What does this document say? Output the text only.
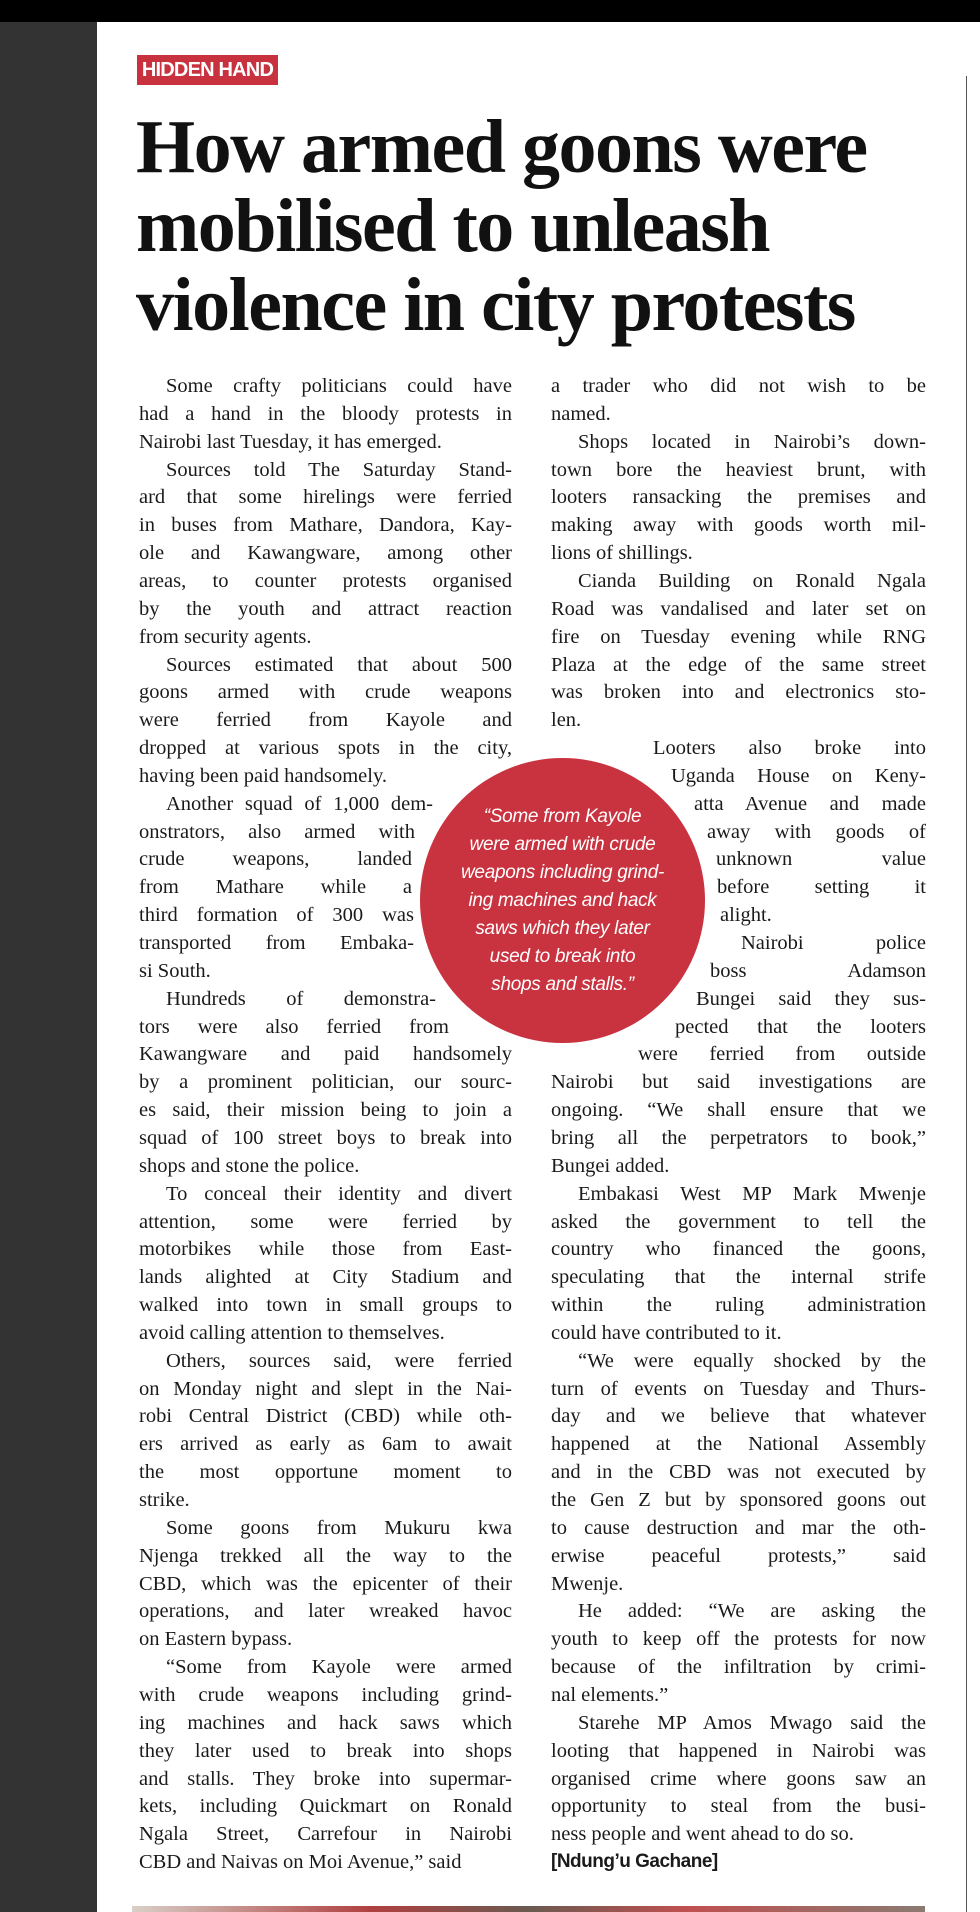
HIDDEN HAND
How armed goons were
mobilised to unleash
violence in city protests
Some crafty politicians could have
had a hand in the bloody protests in
Nairobi last Tuesday, it has emerged.
Sources told The Saturday Stand-
ard that some hirelings were ferried
in buses from Mathare, Dandora, Kay-
ole and Kawangware, among other
areas, to counter protests organised
by the youth and attract reaction
from security agents.
Sources estimated that about 500
goons armed with crude weapons
were ferried from Kayole and
dropped at various spots in the city,
having been paid handsomely.
Another squad of 1,000 dem-
onstrators, also armed with
crude weapons, landed
from Mathare while a
third formation of 300 was
transported from Embaka-
si South.
Hundreds of demonstra-
tors were also ferried from
Kawangware and paid handsomely
by a prominent politician, our sourc-
es said, their mission being to join a
squad of 100 street boys to break into
shops and stone the police.
To conceal their identity and divert
attention, some were ferried by
motorbikes while those from East-
lands alighted at City Stadium and
walked into town in small groups to
avoid calling attention to themselves.
Others, sources said, were ferried
on Monday night and slept in the Nai-
robi Central District (CBD) while oth-
ers arrived as early as 6am to await
the most opportune moment to
strike.
Some goons from Mukuru kwa
Njenga trekked all the way to the
CBD, which was the epicenter of their
operations, and later wreaked havoc
on Eastern bypass.
“Some from Kayole were armed
with crude weapons including grind-
ing machines and hack saws which
they later used to break into shops
and stalls. They broke into supermar-
kets, including Quickmart on Ronald
Ngala Street, Carrefour in Nairobi
CBD and Naivas on Moi Avenue,” said
a trader who did not wish to be
named.
Shops located in Nairobi’s down-
town bore the heaviest brunt, with
looters ransacking the premises and
making away with goods worth mil-
lions of shillings.
Cianda Building on Ronald Ngala
Road was vandalised and later set on
fire on Tuesday evening while RNG
Plaza at the edge of the same street
was broken into and electronics sto-
len.
Looters also broke into
Uganda House on Keny-
atta Avenue and made
away with goods of
unknown value
before setting it
alight.
Nairobi police
boss Adamson
Bungei said they sus-
pected that the looters
were ferried from outside
Nairobi but said investigations are
ongoing. “We shall ensure that we
bring all the perpetrators to book,”
Bungei added.
Embakasi West MP Mark Mwenje
asked the government to tell the
country who financed the goons,
speculating that the internal strife
within the ruling administration
could have contributed to it.
“We were equally shocked by the
turn of events on Tuesday and Thurs-
day and we believe that whatever
happened at the National Assembly
and in the CBD was not executed by
the Gen Z but by sponsored goons out
to cause destruction and mar the oth-
erwise peaceful protests,” said
Mwenje.
He added: “We are asking the
youth to keep off the protests for now
because of the infiltration by crimi-
nal elements.”
Starehe MP Amos Mwago said the
looting that happened in Nairobi was
organised crime where goons saw an
opportunity to steal from the busi-
ness people and went ahead to do so.
[Ndung’u Gachane]
“Some from Kayole
were armed with crude
weapons including grind-
ing machines and hack
saws which they later
used to break into
shops and stalls.”
